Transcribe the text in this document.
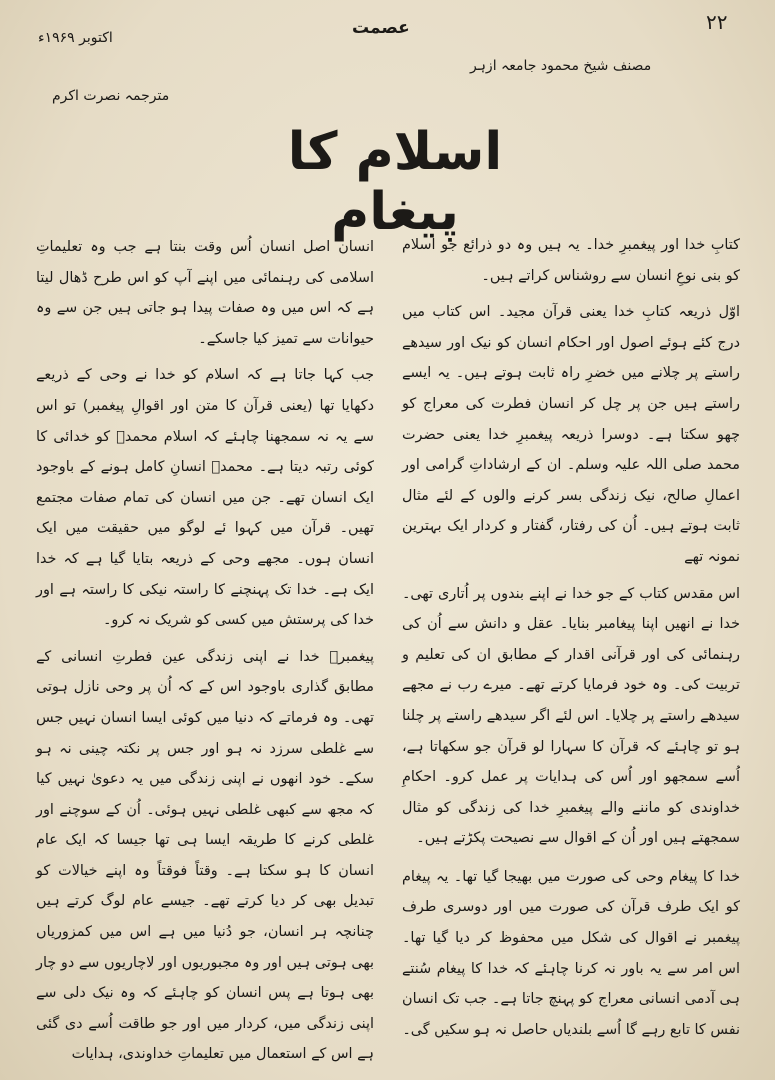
۲۲
عصمت
اکتوبر ۱۹۶۹ء
مصنف شیخ محمود جامعہ ازہر
مترجمہ نصرت اکرم
اسلام کا پیغام

کتابِ خدا اور پیغمبرِ خدا۔ یہ ہیں وہ دو ذرائع جو اسلام کو بنی نوعِ انسان سے روشناس کراتے ہیں۔

اوّل ذریعہ کتابِ خدا یعنی قرآن مجید۔ اس کتاب میں درج کئے ہوئے اصول اور احکام انسان کو نیک اور سیدھے راستے پر چلانے میں خضرِ راہ ثابت ہوتے ہیں۔ یہ ایسے راستے ہیں جن پر چل کر انسان فطرت کی معراج کو چھو سکتا ہے۔ دوسرا ذریعہ پیغمبرِ خدا یعنی حضرت محمد صلی اللہ علیہ وسلم۔ ان کے ارشاداتِ گرامی اور اعمالِ صالح، نیک زندگی بسر کرنے والوں کے لئے مثال ثابت ہوتے ہیں۔ اُن کی رفتار، گفتار و کردار ایک بہترین نمونہ تھے

اس مقدس کتاب کے جو خدا نے اپنے بندوں پر اُتاری تھی۔ خدا نے انھیں اپنا پیغامبر بنایا۔ عقل و دانش سے اُن کی رہنمائی کی اور قرآنی اقدار کے مطابق ان کی تعلیم و تربیت کی۔ وہ خود فرمایا کرتے تھے۔ میرے رب نے مجھے سیدھے راستے پر چلایا۔ اس لئے اگر سیدھے راستے پر چلنا ہو تو چاہئے کہ قرآن کا سہارا لو قرآن جو سکھاتا ہے، اُسے سمجھو اور اُس کی ہدایات پر عمل کرو۔ احکامِ خداوندی کو ماننے والے پیغمبرِ خدا کی زندگی کو مثال سمجھتے ہیں اور اُن کے اقوال سے نصیحت پکڑتے ہیں۔

خدا کا پیغام وحی کی صورت میں بھیجا گیا تھا۔ یہ پیغام کو ایک طرف قرآن کی صورت میں اور دوسری طرف پیغمبر نے اقوال کی شکل میں محفوظ کر دیا گیا تھا۔ اس امر سے یہ باور نہ کرنا چاہئے کہ خدا کا پیغام سُنتے ہی آدمی انسانی معراج کو پہنچ جاتا ہے۔ جب تک انسان نفس کا تابع رہے گا اُسے بلندیاں حاصل نہ ہو سکیں گی۔

انسان اصل انسان اُس وقت بنتا ہے جب وہ تعلیماتِ اسلامی کی رہنمائی میں اپنے آپ کو اس طرح ڈھال لیتا ہے کہ اس میں وہ صفات پیدا ہو جاتی ہیں جن سے وہ حیوانات سے تمیز کیا جاسکے۔

جب کہا جاتا ہے کہ اسلام کو خدا نے وحی کے ذریعے دکھایا تھا (یعنی قرآن کا متن اور اقوالِ پیغمبر) تو اس سے یہ نہ سمجھنا چاہئے کہ اسلام محمدؐ کو خدائی کا کوئی رتبہ دیتا ہے۔ محمدؐ انسانِ کامل ہونے کے باوجود ایک انسان تھے۔ جن میں انسان کی تمام صفات مجتمع تھیں۔ قرآن میں کہوا ئے لوگو میں حقیقت میں ایک انسان ہوں۔ مجھے وحی کے ذریعہ بتایا گیا ہے کہ خدا ایک ہے۔ خدا تک پہنچنے کا راستہ نیکی کا راستہ ہے اور خدا کی پرستش میں کسی کو شریک نہ کرو۔

پیغمبرؐ خدا نے اپنی زندگی عین فطرتِ انسانی کے مطابق گذاری باوجود اس کے کہ اُن پر وحی نازل ہوتی تھی۔ وہ فرماتے کہ دنیا میں کوئی ایسا انسان نہیں جس سے غلطی سرزد نہ ہو اور جس پر نکتہ چینی نہ ہو سکے۔ خود انھوں نے اپنی زندگی میں یہ دعویٰ نہیں کیا کہ مجھ سے کبھی غلطی نہیں ہوئی۔ اُن کے سوچنے اور غلطی کرنے کا طریقہ ایسا ہی تھا جیسا کہ ایک عام انسان کا ہو سکتا ہے۔ وقتاً فوقتاً وہ اپنے خیالات کو تبدیل بھی کر دیا کرتے تھے۔ جیسے عام لوگ کرتے ہیں چنانچہ ہر انسان، جو دُنیا میں ہے اس میں کمزوریاں بھی ہوتی ہیں اور وہ مجبوریوں اور لاچاریوں سے دو چار بھی ہوتا ہے پس انسان کو چاہئے کہ وہ نیک دلی سے اپنی زندگی میں، کردار میں اور جو طاقت اُسے دی گئی ہے اس کے استعمال میں تعلیماتِ خداوندی، ہدایات
